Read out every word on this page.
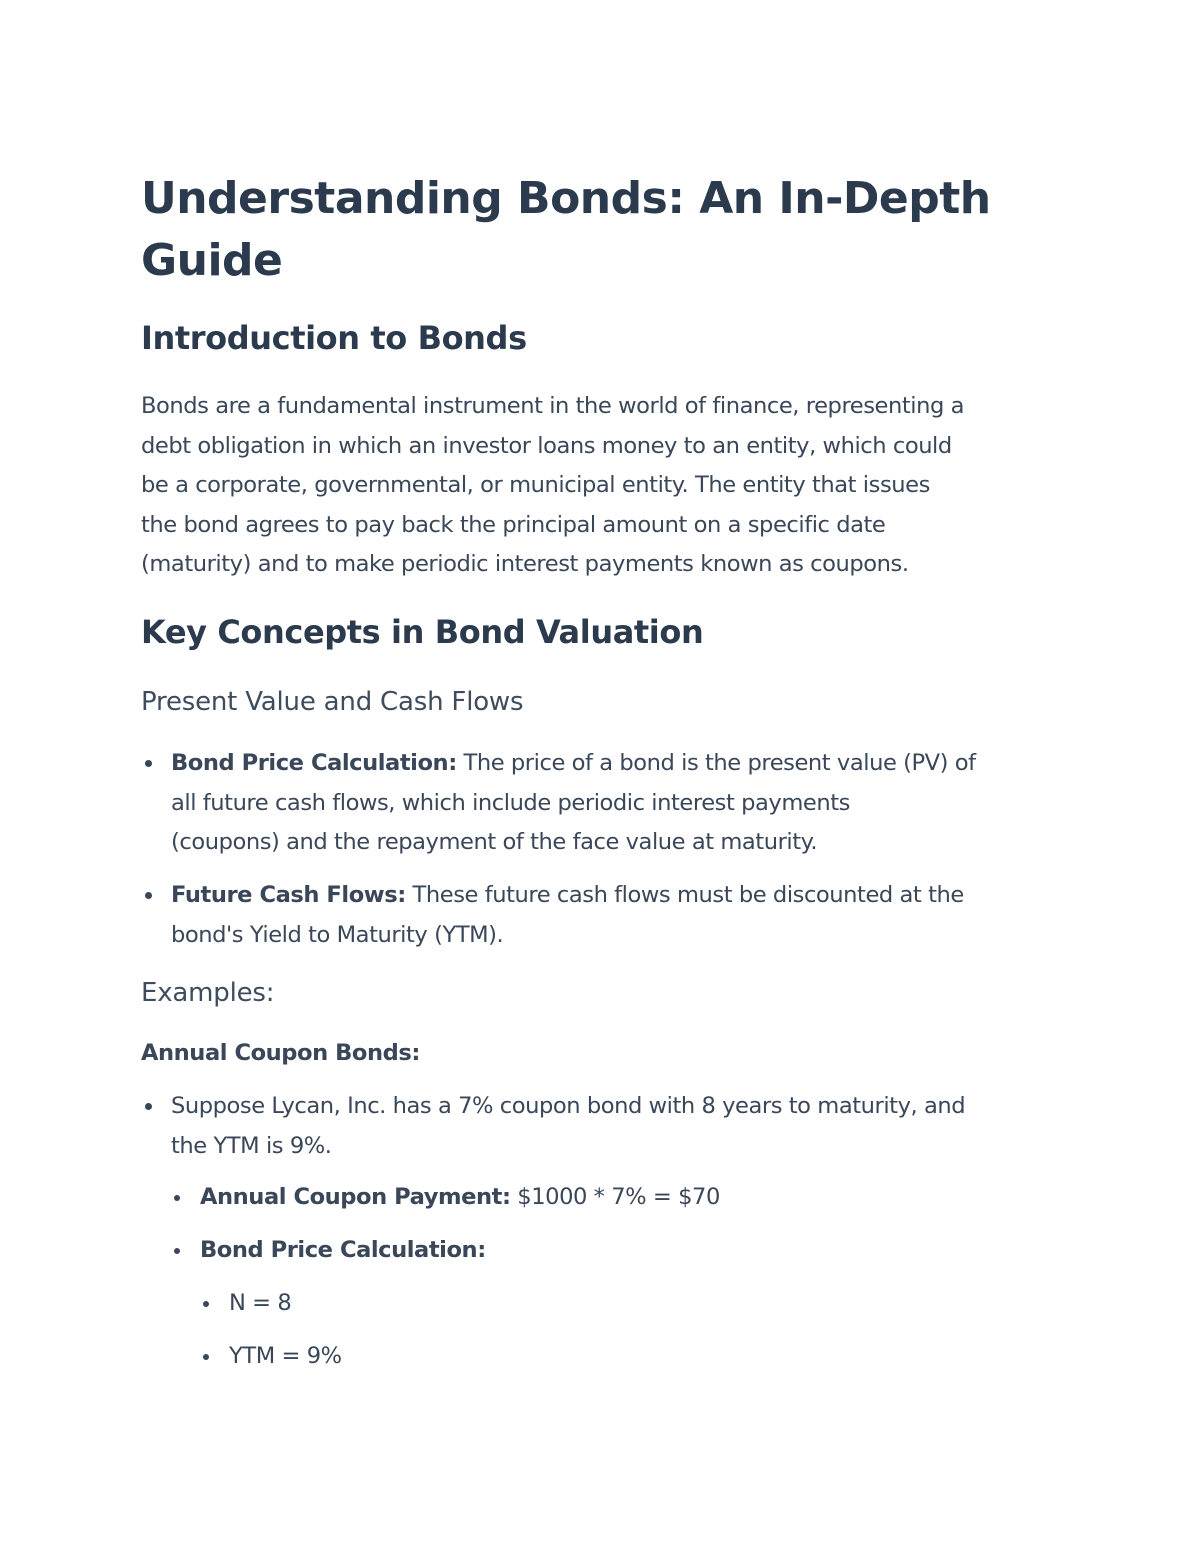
Understanding Bonds: An In-Depth Guide
Introduction to Bonds
Bonds are a fundamental instrument in the world of finance, representing a
debt obligation in which an investor loans money to an entity, which could
be a corporate, governmental, or municipal entity. The entity that issues
the bond agrees to pay back the principal amount on a specific date
(maturity) and to make periodic interest payments known as coupons.
Key Concepts in Bond Valuation
Present Value and Cash Flows
Bond Price Calculation: The price of a bond is the present value (PV) of
all future cash flows, which include periodic interest payments
(coupons) and the repayment of the face value at maturity.
Future Cash Flows: These future cash flows must be discounted at the
bond's Yield to Maturity (YTM).
Examples:
Annual Coupon Bonds:
Suppose Lycan, Inc. has a 7% coupon bond with 8 years to maturity, and
the YTM is 9%.
Annual Coupon Payment: $1000 * 7% = $70
Bond Price Calculation:
N = 8
YTM = 9%
